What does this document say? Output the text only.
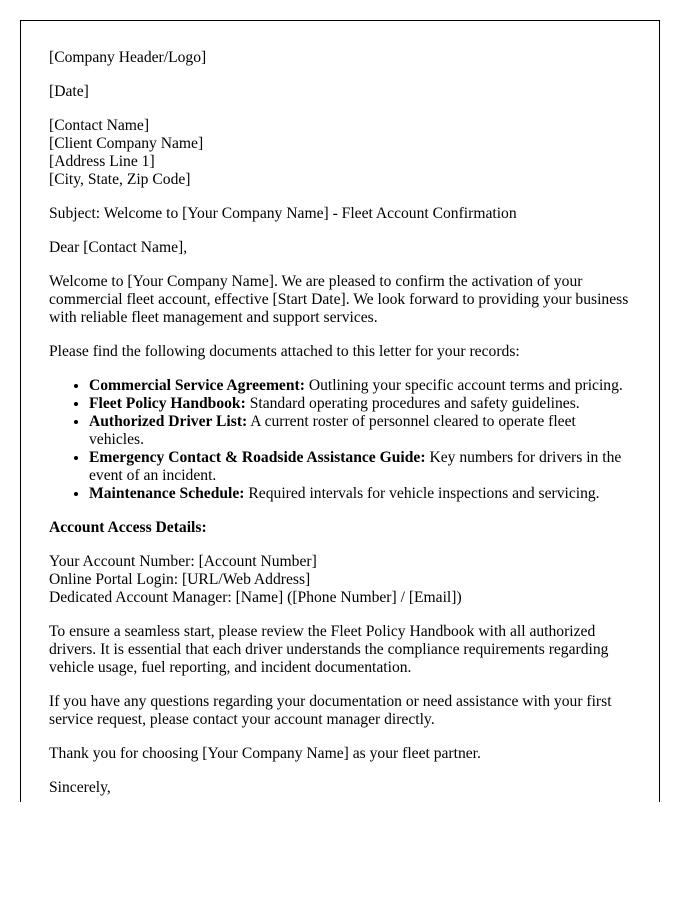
[Company Header/Logo]

[Date]

[Contact Name]
[Client Company Name]
[Address Line 1]
[City, State, Zip Code]

Subject: Welcome to [Your Company Name] - Fleet Account Confirmation

Dear [Contact Name],

Welcome to [Your Company Name]. We are pleased to confirm the activation of your commercial fleet account, effective [Start Date]. We look forward to providing your business with reliable fleet management and support services.

Please find the following documents attached to this letter for your records:

• Commercial Service Agreement: Outlining your specific account terms and pricing.
• Fleet Policy Handbook: Standard operating procedures and safety guidelines.
• Authorized Driver List: A current roster of personnel cleared to operate fleet vehicles.
• Emergency Contact & Roadside Assistance Guide: Key numbers for drivers in the event of an incident.
• Maintenance Schedule: Required intervals for vehicle inspections and servicing.

Account Access Details:

Your Account Number: [Account Number]
Online Portal Login: [URL/Web Address]
Dedicated Account Manager: [Name] ([Phone Number] / [Email])

To ensure a seamless start, please review the Fleet Policy Handbook with all authorized drivers. It is essential that each driver understands the compliance requirements regarding vehicle usage, fuel reporting, and incident documentation.

If you have any questions regarding your documentation or need assistance with your first service request, please contact your account manager directly.

Thank you for choosing [Your Company Name] as your fleet partner.

Sincerely,
